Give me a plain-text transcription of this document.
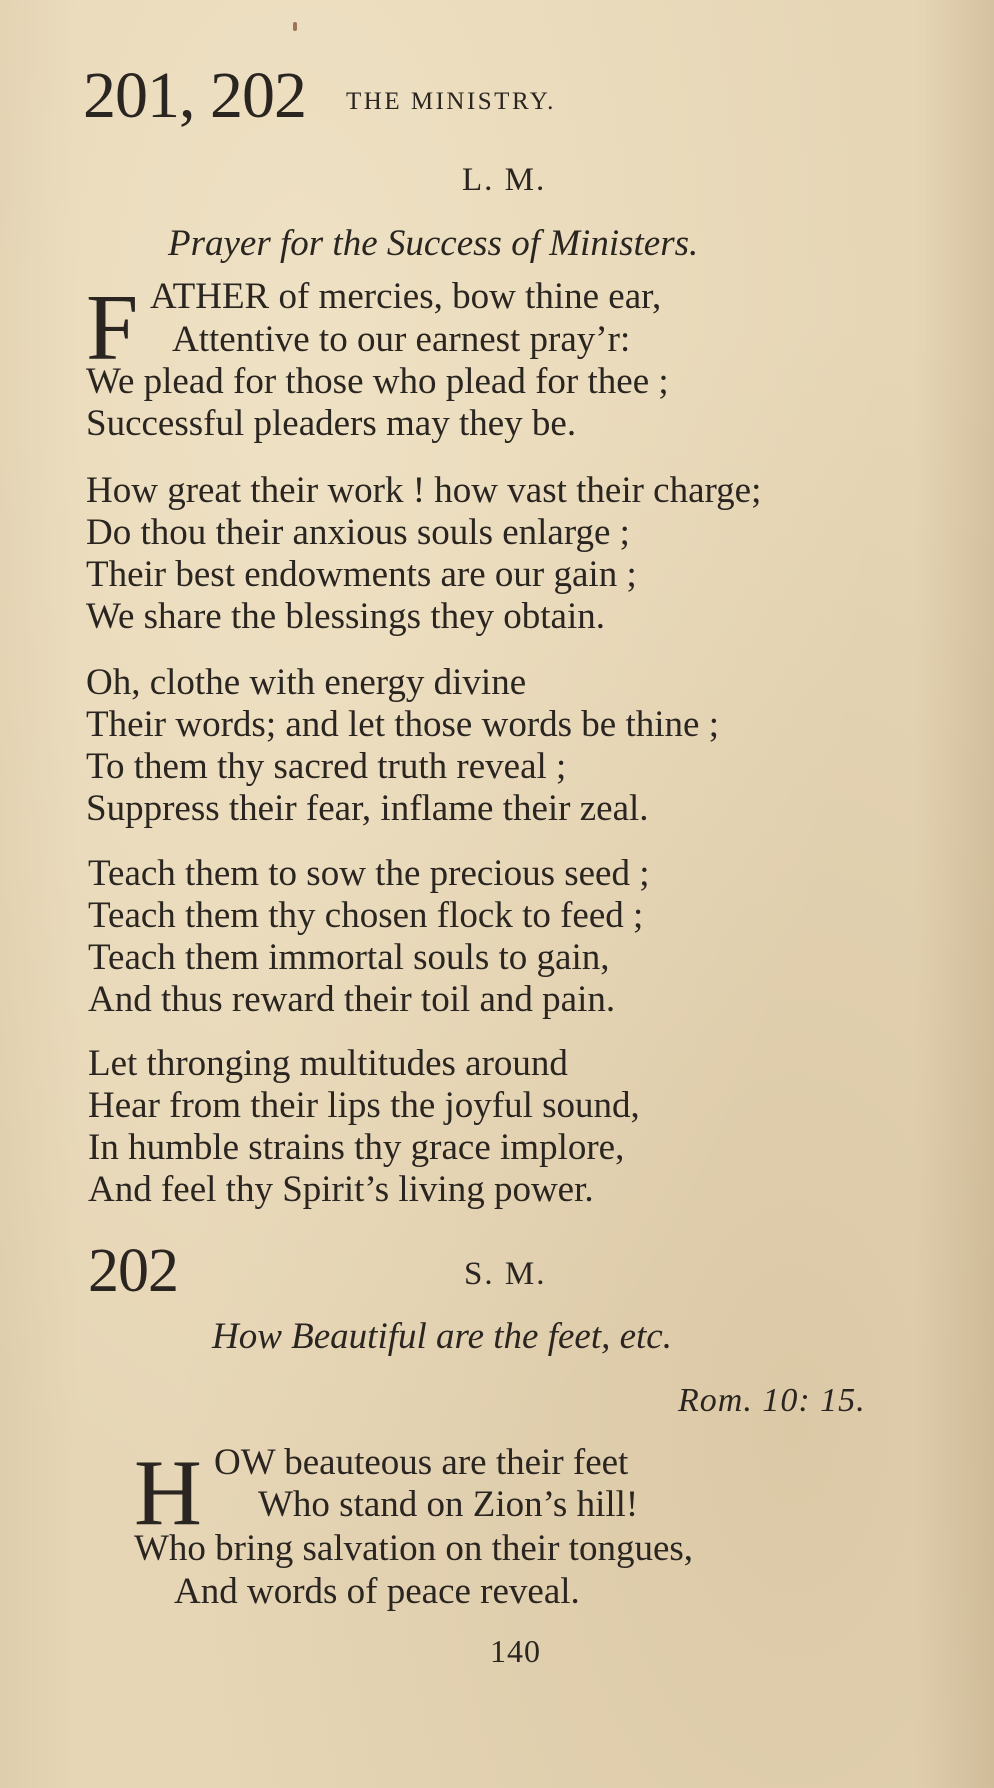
201, 202 THE MINISTRY.
L. M.
Prayer for the Success of Ministers.
F ATHER of mercies, bow thine ear,
Attentive to our earnest pray’r:
We plead for those who plead for thee ;
Successful pleaders may they be.
How great their work ! how vast their charge;
Do thou their anxious souls enlarge ;
Their best endowments are our gain ;
We share the blessings they obtain.
Oh, clothe with energy divine
Their words; and let those words be thine ;
To them thy sacred truth reveal ;
Suppress their fear, inflame their zeal.
Teach them to sow the precious seed ;
Teach them thy chosen flock to feed ;
Teach them immortal souls to gain,
And thus reward their toil and pain.
Let thronging multitudes around
Hear from their lips the joyful sound,
In humble strains thy grace implore,
And feel thy Spirit’s living power.
202	S. M.
How Beautiful are the feet, etc.
Rom. 10: 15.
H OW beauteous are their feet
Who stand on Zion’s hill!
Who bring salvation on their tongues,
And words of peace reveal.
140
